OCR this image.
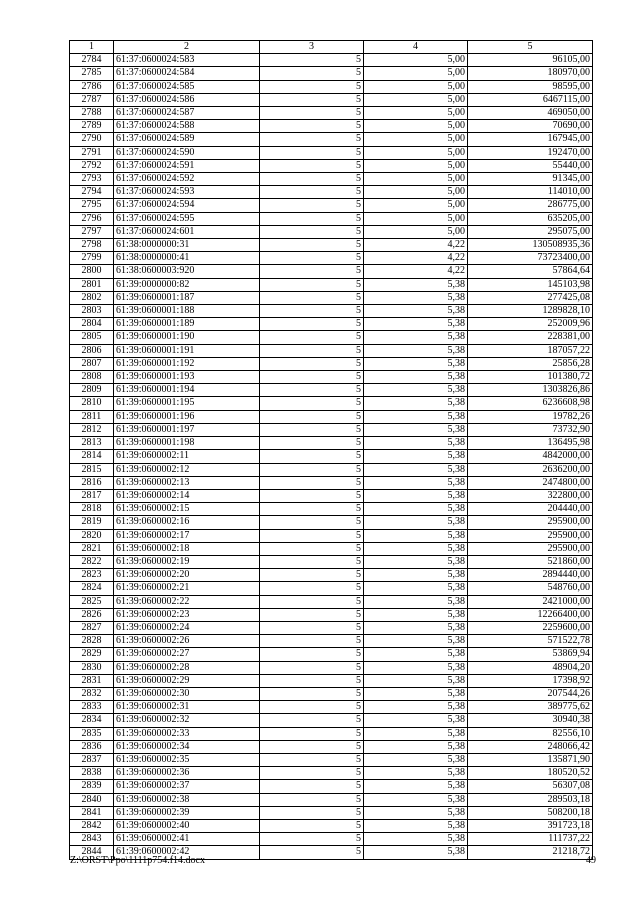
1	2	3	4	5
2784	61:37:0600024:583	5	5,00	96105,00
2785	61:37:0600024:584	5	5,00	180970,00
2786	61:37:0600024:585	5	5,00	98595,00
2787	61:37:0600024:586	5	5,00	6467115,00
2788	61:37:0600024:587	5	5,00	469050,00
2789	61:37:0600024:588	5	5,00	70690,00
2790	61:37:0600024:589	5	5,00	167945,00
2791	61:37:0600024:590	5	5,00	192470,00
2792	61:37:0600024:591	5	5,00	55440,00
2793	61:37:0600024:592	5	5,00	91345,00
2794	61:37:0600024:593	5	5,00	114010,00
2795	61:37:0600024:594	5	5,00	286775,00
2796	61:37:0600024:595	5	5,00	635205,00
2797	61:37:0600024:601	5	5,00	295075,00
2798	61:38:0000000:31	5	4,22	130508935,36
2799	61:38:0000000:41	5	4,22	73723400,00
2800	61:38:0600003:920	5	4,22	57864,64
2801	61:39:0000000:82	5	5,38	145103,98
2802	61:39:0600001:187	5	5,38	277425,08
2803	61:39:0600001:188	5	5,38	1289828,10
2804	61:39:0600001:189	5	5,38	252009,96
2805	61:39:0600001:190	5	5,38	228381,00
2806	61:39:0600001:191	5	5,38	187057,22
2807	61:39:0600001:192	5	5,38	25856,28
2808	61:39:0600001:193	5	5,38	101380,72
2809	61:39:0600001:194	5	5,38	1303826,86
2810	61:39:0600001:195	5	5,38	6236608,98
2811	61:39:0600001:196	5	5,38	19782,26
2812	61:39:0600001:197	5	5,38	73732,90
2813	61:39:0600001:198	5	5,38	136495,98
2814	61:39:0600002:11	5	5,38	4842000,00
2815	61:39:0600002:12	5	5,38	2636200,00
2816	61:39:0600002:13	5	5,38	2474800,00
2817	61:39:0600002:14	5	5,38	322800,00
2818	61:39:0600002:15	5	5,38	204440,00
2819	61:39:0600002:16	5	5,38	295900,00
2820	61:39:0600002:17	5	5,38	295900,00
2821	61:39:0600002:18	5	5,38	295900,00
2822	61:39:0600002:19	5	5,38	521860,00
2823	61:39:0600002:20	5	5,38	2894440,00
2824	61:39:0600002:21	5	5,38	548760,00
2825	61:39:0600002:22	5	5,38	2421000,00
2826	61:39:0600002:23	5	5,38	12266400,00
2827	61:39:0600002:24	5	5,38	2259600,00
2828	61:39:0600002:26	5	5,38	571522,78
2829	61:39:0600002:27	5	5,38	53869,94
2830	61:39:0600002:28	5	5,38	48904,20
2831	61:39:0600002:29	5	5,38	17398,92
2832	61:39:0600002:30	5	5,38	207544,26
2833	61:39:0600002:31	5	5,38	389775,62
2834	61:39:0600002:32	5	5,38	30940,38
2835	61:39:0600002:33	5	5,38	82556,10
2836	61:39:0600002:34	5	5,38	248066,42
2837	61:39:0600002:35	5	5,38	135871,90
2838	61:39:0600002:36	5	5,38	180520,52
2839	61:39:0600002:37	5	5,38	56307,08
2840	61:39:0600002:38	5	5,38	289503,18
2841	61:39:0600002:39	5	5,38	508200,18
2842	61:39:0600002:40	5	5,38	391723,18
2843	61:39:0600002:41	5	5,38	111737,22
2844	61:39:0600002:42	5	5,38	21218,72
Z:\ORST\Ppo\1111p754.f14.docx	49
